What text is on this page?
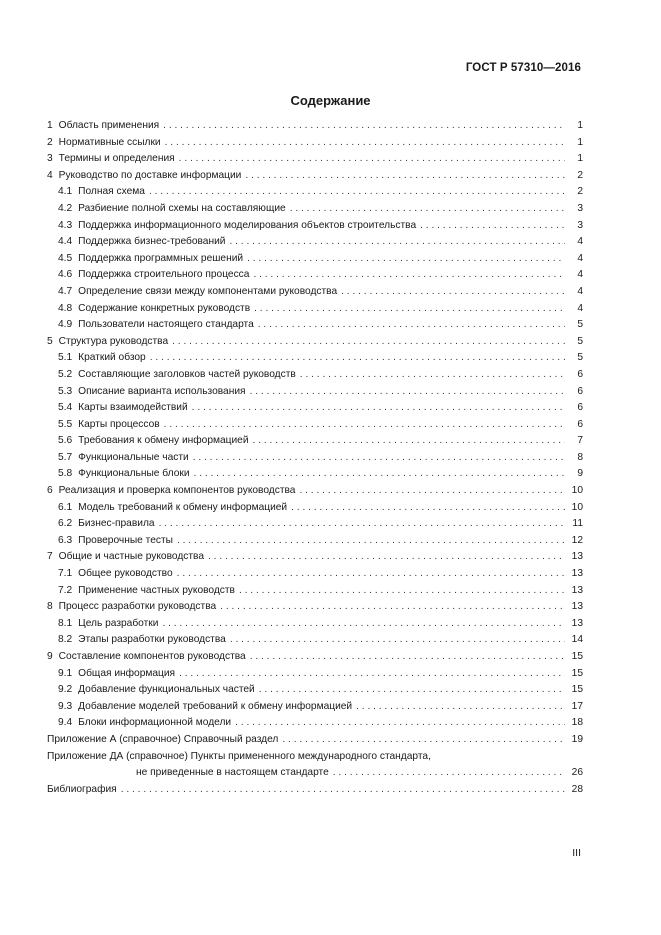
ГОСТ Р 57310—2016
Содержание
1 Область применения . . .	1
2 Нормативные ссылки . . .	1
3 Термины и определения . . .	1
4 Руководство по доставке информации . . .	2
4.1 Полная схема . . .	2
4.2 Разбиение полной схемы на составляющие . . .	3
4.3 Поддержка информационного моделирования объектов строительства . . .	3
4.4 Поддержка бизнес-требований . . .	4
4.5 Поддержка программных решений . . .	4
4.6 Поддержка строительного процесса . . .	4
4.7 Определение связи между компонентами руководства . . .	4
4.8 Содержание конкретных руководств . . .	4
4.9 Пользователи настоящего стандарта . . .	5
5 Структура руководства . . .	5
5.1 Краткий обзор . . .	5
5.2 Составляющие заголовков частей руководств . . .	6
5.3 Описание варианта использования . . .	6
5.4 Карты взаимодействий . . .	6
5.5 Карты процессов . . .	6
5.6 Требования к обмену информацией . . .	7
5.7 Функциональные части . . .	8
5.8 Функциональные блоки . . .	9
6 Реализация и проверка компонентов руководства . . .	10
6.1 Модель требований к обмену информацией . . .	10
6.2 Бизнес-правила . . .	11
6.3 Проверочные тесты . . .	12
7 Общие и частные руководства . . .	13
7.1 Общее руководство . . .	13
7.2 Применение частных руководств . . .	13
8 Процесс разработки руководства . . .	13
8.1 Цель разработки . . .	13
8.2 Этапы разработки руководства . . .	14
9 Составление компонентов руководства . . .	15
9.1 Общая информация . . .	15
9.2 Добавление функциональных частей . . .	15
9.3 Добавление моделей требований к обмену информацией . . .	17
9.4 Блоки информационной модели . . .	18
Приложение А (справочное) Справочный раздел . . .	19
Приложение ДА (справочное) Пункты примененного международного стандарта,
не приведенные в настоящем стандарте . . .	26
Библиография . . .	28
III
